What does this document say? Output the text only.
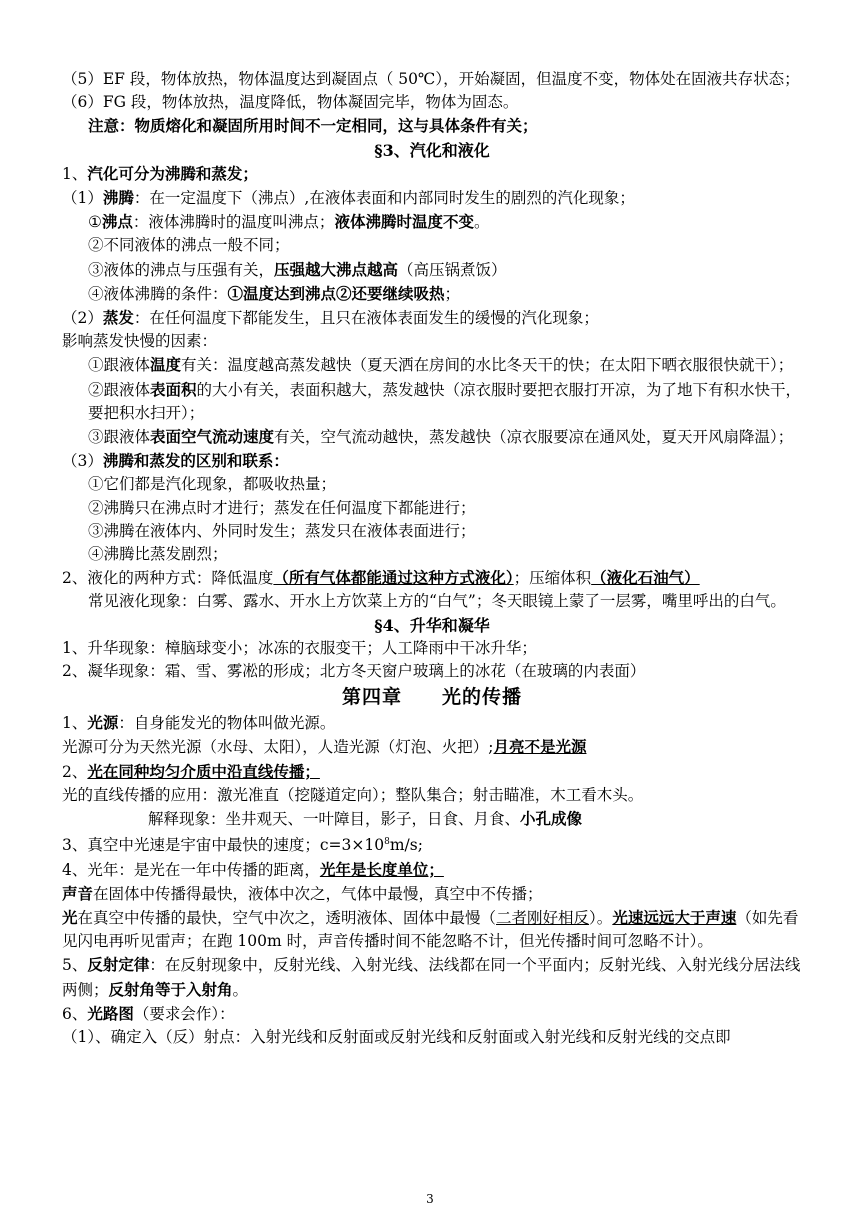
（5）EF 段，物体放热，物体温度达到凝固点（ 50℃），开始凝固，但温度不变，物体处在固液共存状态；
（6）FG 段，物体放热，温度降低，物体凝固完毕，物体为固态。
注意：物质熔化和凝固所用时间不一定相同，这与具体条件有关；
§3、汽化和液化
1、汽化可分为沸腾和蒸发；
（1）沸腾：在一定温度下（沸点）,在液体表面和内部同时发生的剧烈的汽化现象；
①沸点：液体沸腾时的温度叫沸点；液体沸腾时温度不变。
②不同液体的沸点一般不同；
③液体的沸点与压强有关，压强越大沸点越高（高压锅煮饭）
④液体沸腾的条件：①温度达到沸点②还要继续吸热；
（2）蒸发：在任何温度下都能发生，且只在液体表面发生的缓慢的汽化现象；
影响蒸发快慢的因素：
①跟液体温度有关：温度越高蒸发越快（夏天洒在房间的水比冬天干的快；在太阳下晒衣服很快就干）；
②跟液体表面积的大小有关，表面积越大，蒸发越快（凉衣服时要把衣服打开凉，为了地下有积水快干，要把积水扫开）；
③跟液体表面空气流动速度有关，空气流动越快，蒸发越快（凉衣服要凉在通风处，夏天开风扇降温）；
（3）沸腾和蒸发的区别和联系：
①它们都是汽化现象，都吸收热量；
②沸腾只在沸点时才进行；蒸发在任何温度下都能进行；
③沸腾在液体内、外同时发生；蒸发只在液体表面进行；
④沸腾比蒸发剧烈；
2、液化的两种方式：降低温度（所有气体都能通过这种方式液化）；压缩体积（液化石油气）
常见液化现象：白雾、露水、开水上方饮菜上方的“白气”；冬天眼镜上蒙了一层雾，嘴里呼出的白气。
§4、升华和凝华
1、升华现象：樟脑球变小；冰冻的衣服变干；人工降雨中干冰升华；
2、凝华现象：霜、雪、雾凇的形成；北方冬天窗户玻璃上的冰花（在玻璃的内表面）
第四章　　光的传播
1、光源：自身能发光的物体叫做光源。
光源可分为天然光源（水母、太阳），人造光源（灯泡、火把）;月亮不是光源
2、光在同种均匀介质中沿直线传播；
光的直线传播的应用：激光准直（挖隧道定向）；整队集合；射击瞄准，木工看木头。
解释现象：坐井观天、一叶障目，影子，日食、月食、小孔成像
3、真空中光速是宇宙中最快的速度；$c=3\times 10^8m/s$;
4、光年：是光在一年中传播的距离，光年是长度单位；
声音在固体中传播得最快，液体中次之，气体中最慢，真空中不传播；
光在真空中传播的最快，空气中次之，透明液体、固体中最慢（二者刚好相反）。光速远远大于声速（如先看见闪电再听见雷声；在跑 100m 时，声音传播时间不能忽略不计，但光传播时间可忽略不计）。
5、反射定律：在反射现象中，反射光线、入射光线、法线都在同一个平面内；反射光线、入射光线分居法线两侧；反射角等于入射角。
6、光路图（要求会作）：
（1）、确定入（反）射点：入射光线和反射面或反射光线和反射面或入射光线和反射光线的交点即
3
